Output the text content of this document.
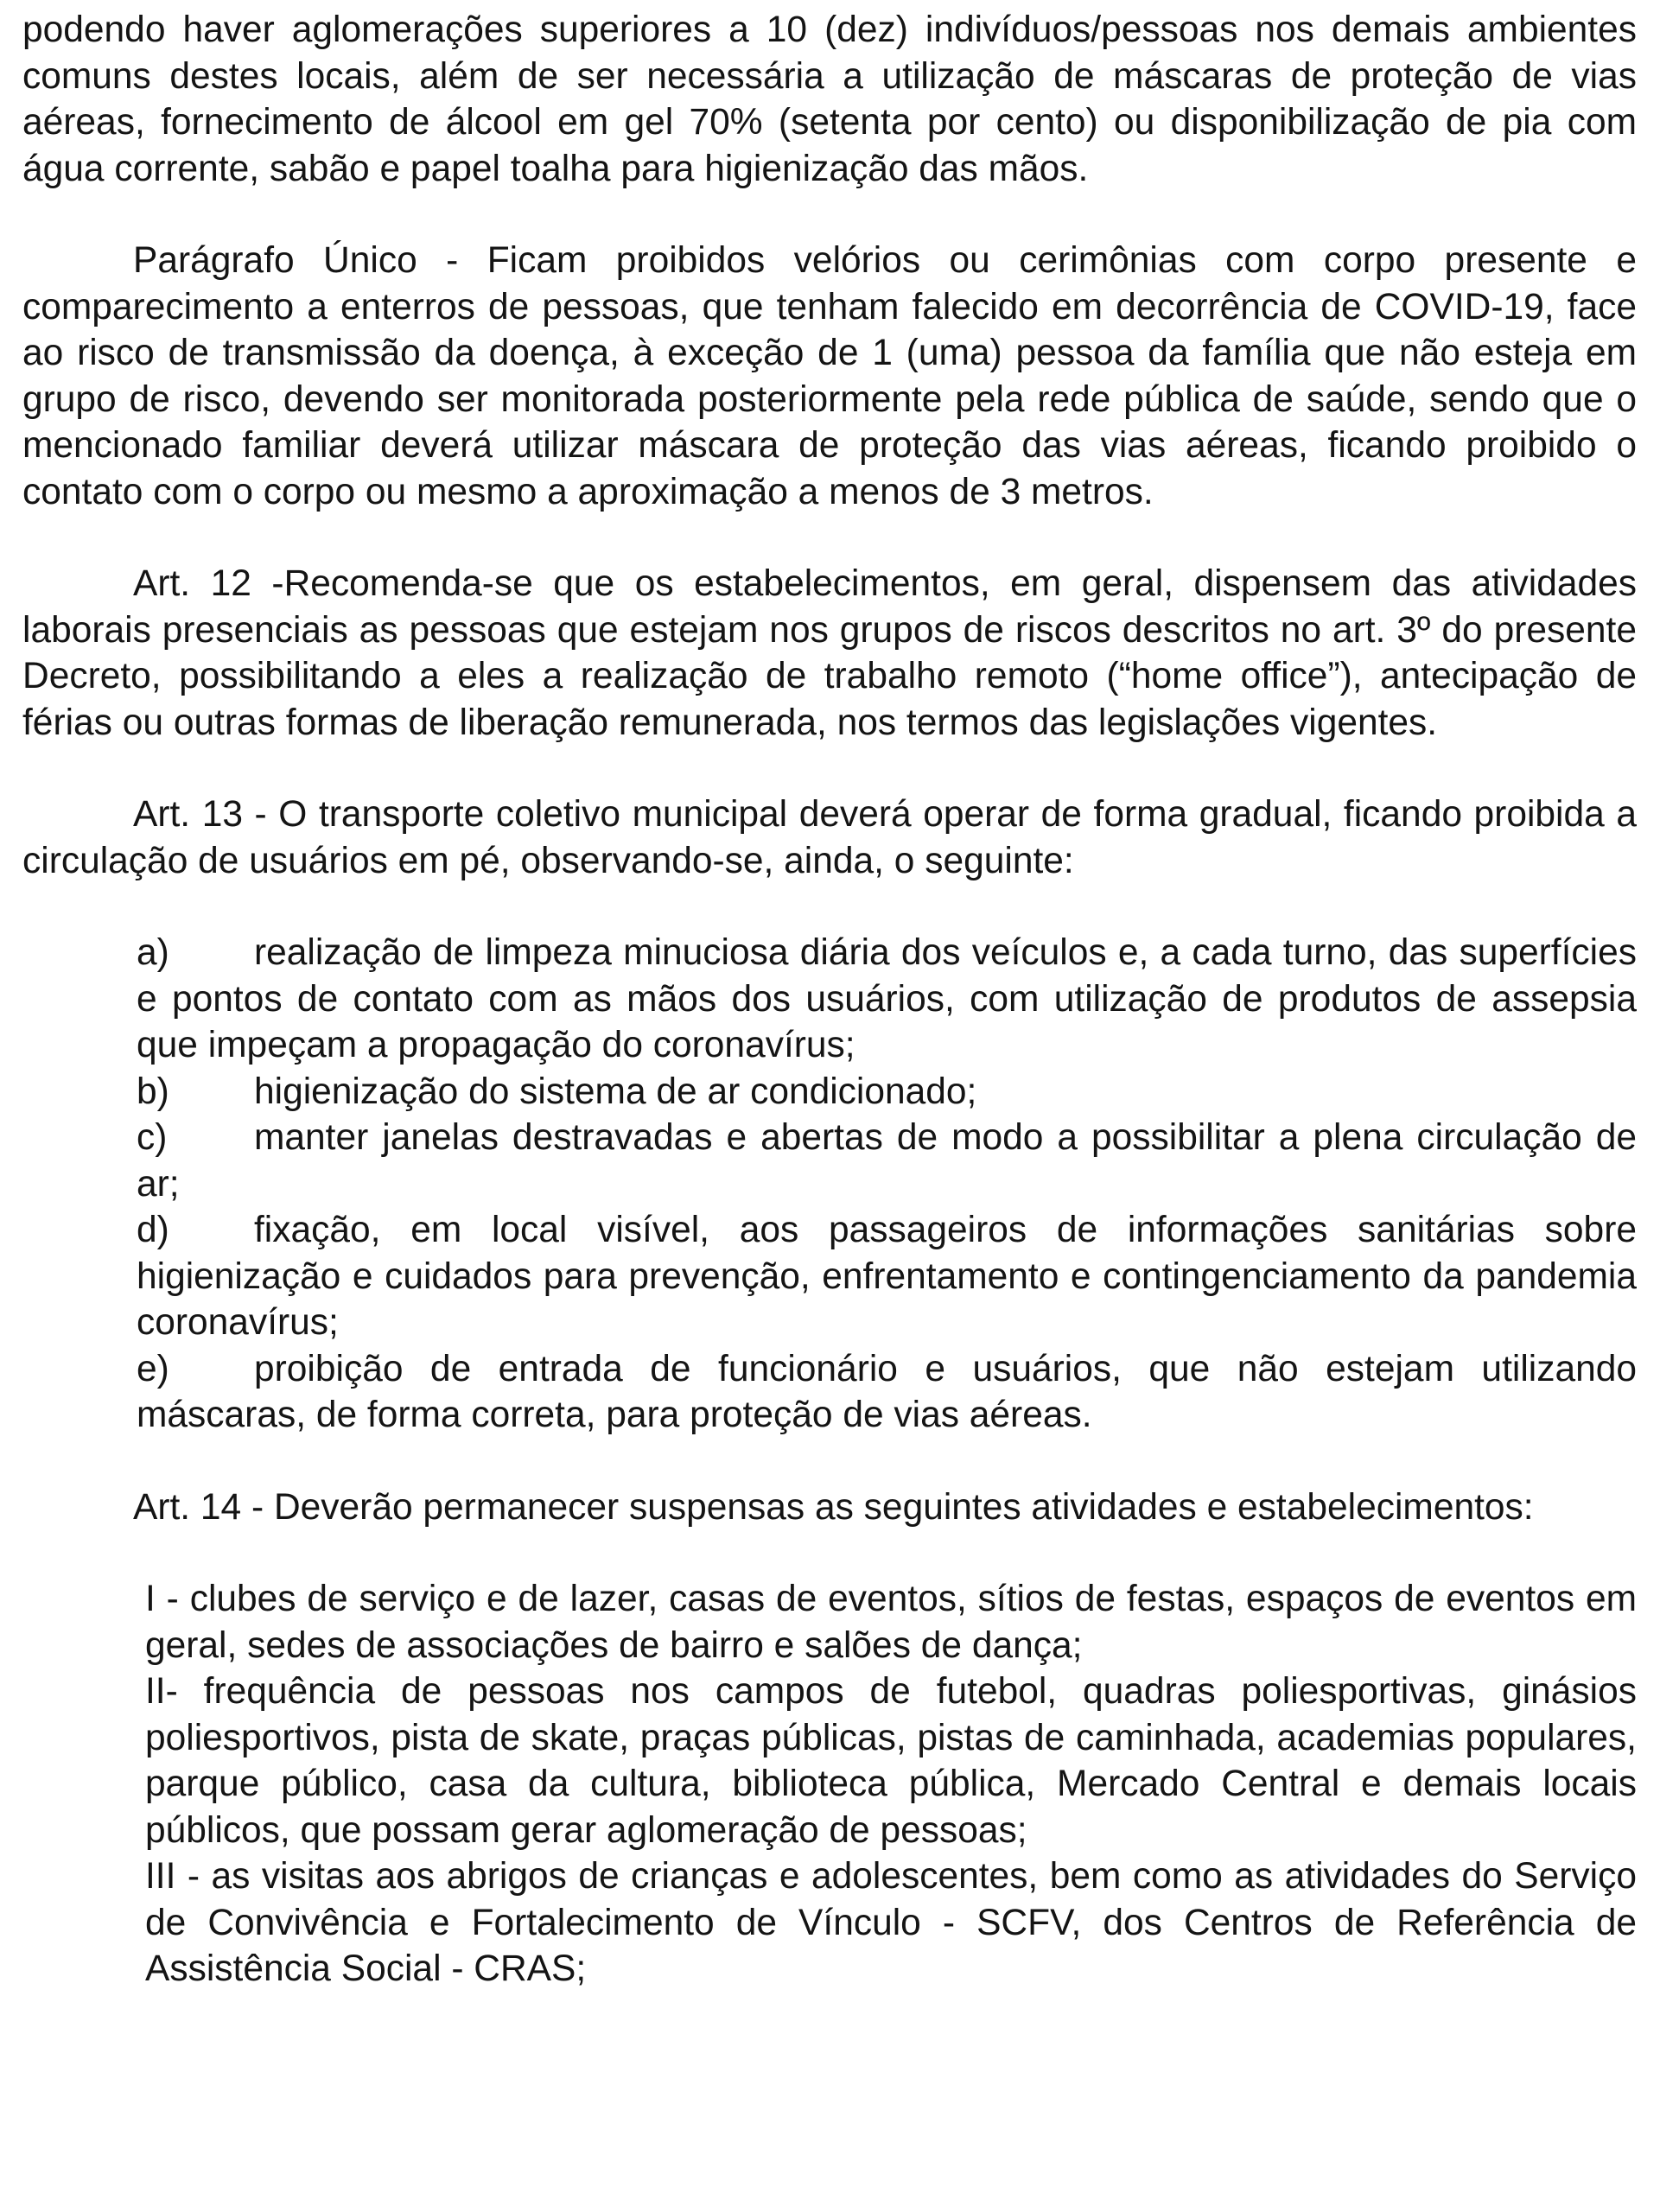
podendo haver aglomerações superiores a 10 (dez) indivíduos/pessoas nos demais ambientes comuns destes locais, além de ser necessária a utilização de máscaras de proteção de vias aéreas, fornecimento de álcool em gel 70% (setenta por cento) ou disponibilização de pia com água corrente, sabão e papel toalha para higienização das mãos.

Parágrafo Único - Ficam proibidos velórios ou cerimônias com corpo presente e comparecimento a enterros de pessoas, que tenham falecido em decorrência de COVID-19, face ao risco de transmissão da doença, à exceção de 1 (uma) pessoa da família que não esteja em grupo de risco, devendo ser monitorada posteriormente pela rede pública de saúde, sendo que o mencionado familiar deverá utilizar máscara de proteção das vias aéreas, ficando proibido o contato com o corpo ou mesmo a aproximação a menos de 3 metros.

Art. 12 -Recomenda-se que os estabelecimentos, em geral, dispensem das atividades laborais presenciais as pessoas que estejam nos grupos de riscos descritos no art. 3º do presente Decreto, possibilitando a eles a realização de trabalho remoto (“home office”), antecipação de férias ou outras formas de liberação remunerada, nos termos das legislações vigentes.

Art. 13 - O transporte coletivo municipal deverá operar de forma gradual, ficando proibida a circulação de usuários em pé, observando-se, ainda, o seguinte:

a) realização de limpeza minuciosa diária dos veículos e, a cada turno, das superfícies e pontos de contato com as mãos dos usuários, com utilização de produtos de assepsia que impeçam a propagação do coronavírus;

b) higienização do sistema de ar condicionado;

c) manter janelas destravadas e abertas de modo a possibilitar a plena circulação de ar;

d) fixação, em local visível, aos passageiros de informações sanitárias sobre higienização e cuidados para prevenção, enfrentamento e contingenciamento da pandemia coronavírus;

e) proibição de entrada de funcionário e usuários, que não estejam utilizando máscaras, de forma correta, para proteção de vias aéreas.

Art. 14 - Deverão permanecer suspensas as seguintes atividades e estabelecimentos:

I - clubes de serviço e de lazer, casas de eventos, sítios de festas, espaços de eventos em geral, sedes de associações de bairro e salões de dança;

II- frequência de pessoas nos campos de futebol, quadras poliesportivas, ginásios poliesportivos, pista de skate, praças públicas, pistas de caminhada, academias populares, parque público, casa da cultura, biblioteca pública, Mercado Central e demais locais públicos, que possam gerar aglomeração de pessoas;

III - as visitas aos abrigos de crianças e adolescentes, bem como as atividades do Serviço de Convivência e Fortalecimento de Vínculo - SCFV, dos Centros de Referência de Assistência Social - CRAS;
